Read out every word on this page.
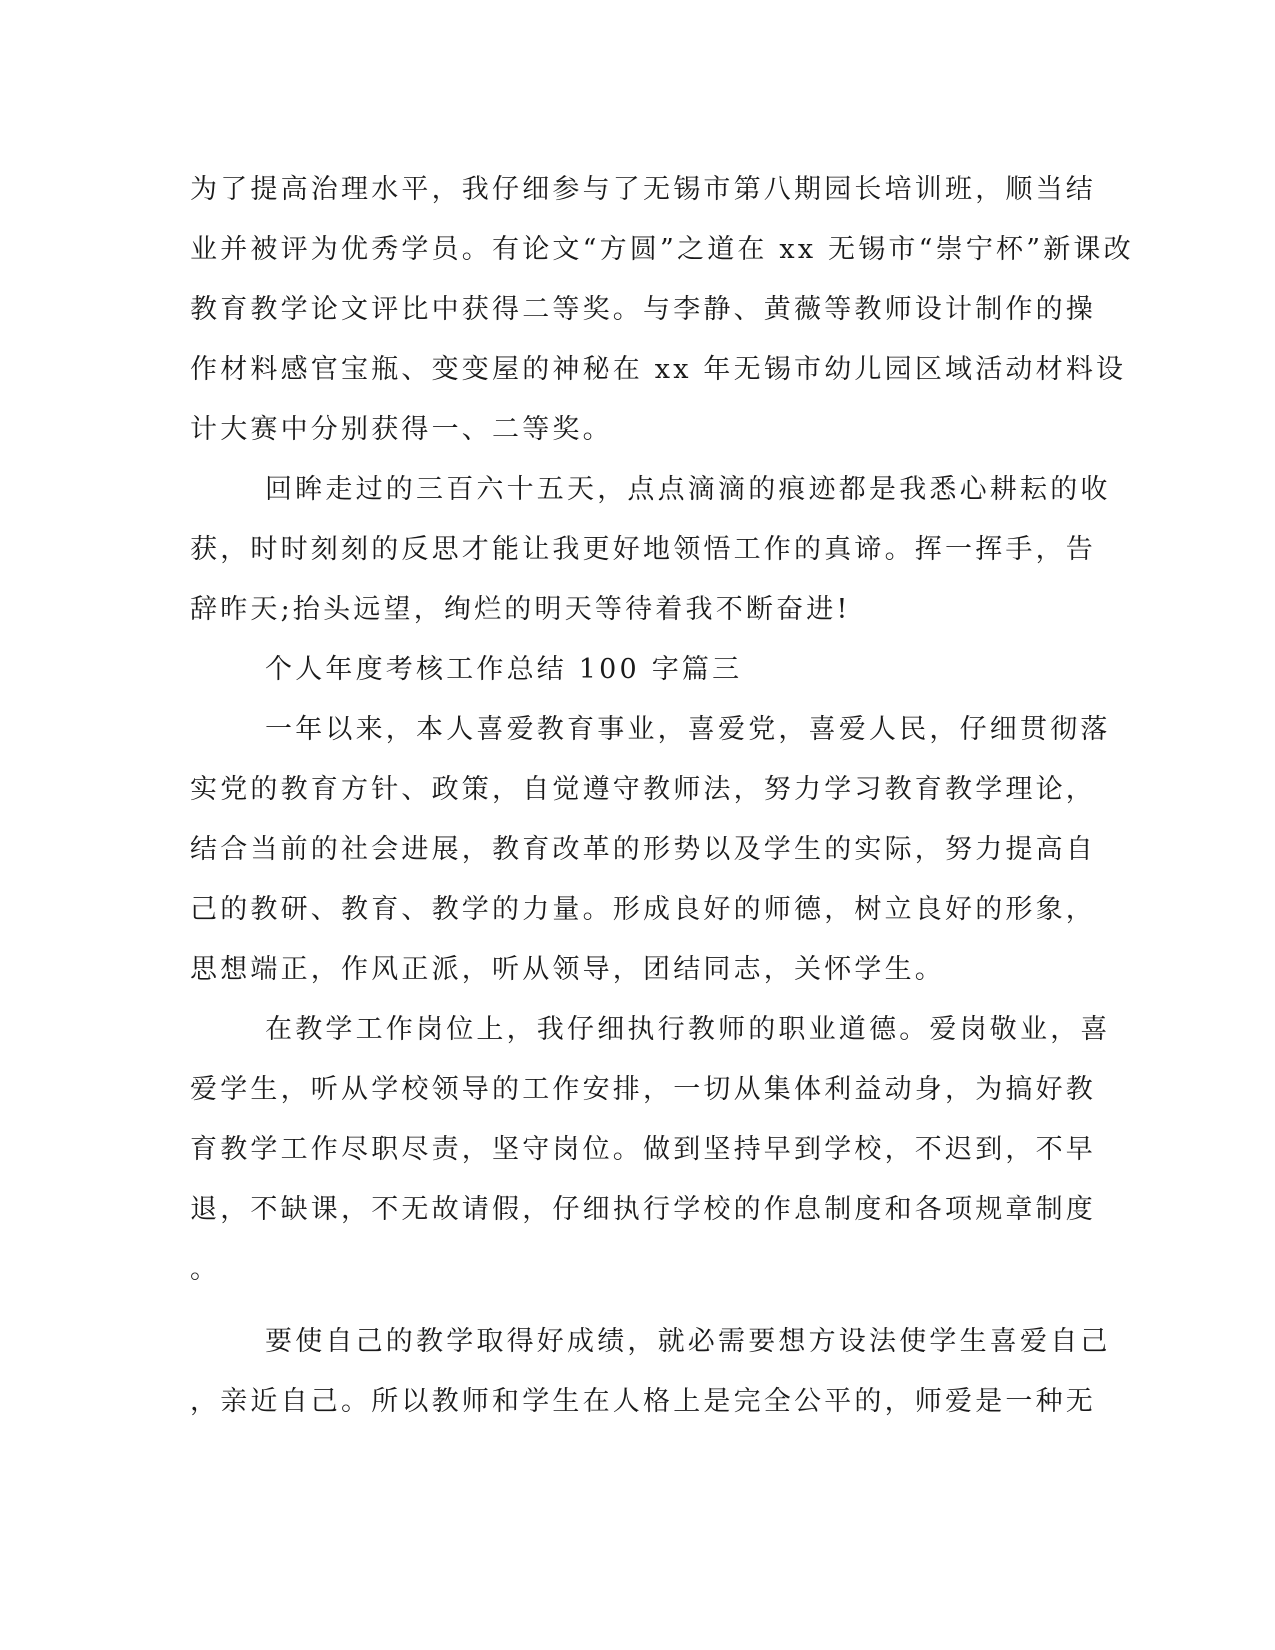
为了提高治理水平，我仔细参与了无锡市第八期园长培训班，顺当结
业并被评为优秀学员。有论文“方圆”之道在 xx 无锡市“崇宁杯”新课改
教育教学论文评比中获得二等奖。与李静、黄薇等教师设计制作的操
作材料感官宝瓶、变变屋的神秘在 xx 年无锡市幼儿园区域活动材料设
计大赛中分别获得一、二等奖。
回眸走过的三百六十五天，点点滴滴的痕迹都是我悉心耕耘的收
获，时时刻刻的反思才能让我更好地领悟工作的真谛。挥一挥手，告
辞昨天;抬头远望，绚烂的明天等待着我不断奋进!
个人年度考核工作总结 100 字篇三
一年以来，本人喜爱教育事业，喜爱党，喜爱人民，仔细贯彻落
实党的教育方针、政策，自觉遵守教师法，努力学习教育教学理论，
结合当前的社会进展，教育改革的形势以及学生的实际，努力提高自
己的教研、教育、教学的力量。形成良好的师德，树立良好的形象，
思想端正，作风正派，听从领导，团结同志，关怀学生。
在教学工作岗位上，我仔细执行教师的职业道德。爱岗敬业，喜
爱学生，听从学校领导的工作安排，一切从集体利益动身，为搞好教
育教学工作尽职尽责，坚守岗位。做到坚持早到学校，不迟到，不早
退，不缺课，不无故请假，仔细执行学校的作息制度和各项规章制度
。
要使自己的教学取得好成绩，就必需要想方设法使学生喜爱自己
，亲近自己。所以教师和学生在人格上是完全公平的，师爱是一种无
